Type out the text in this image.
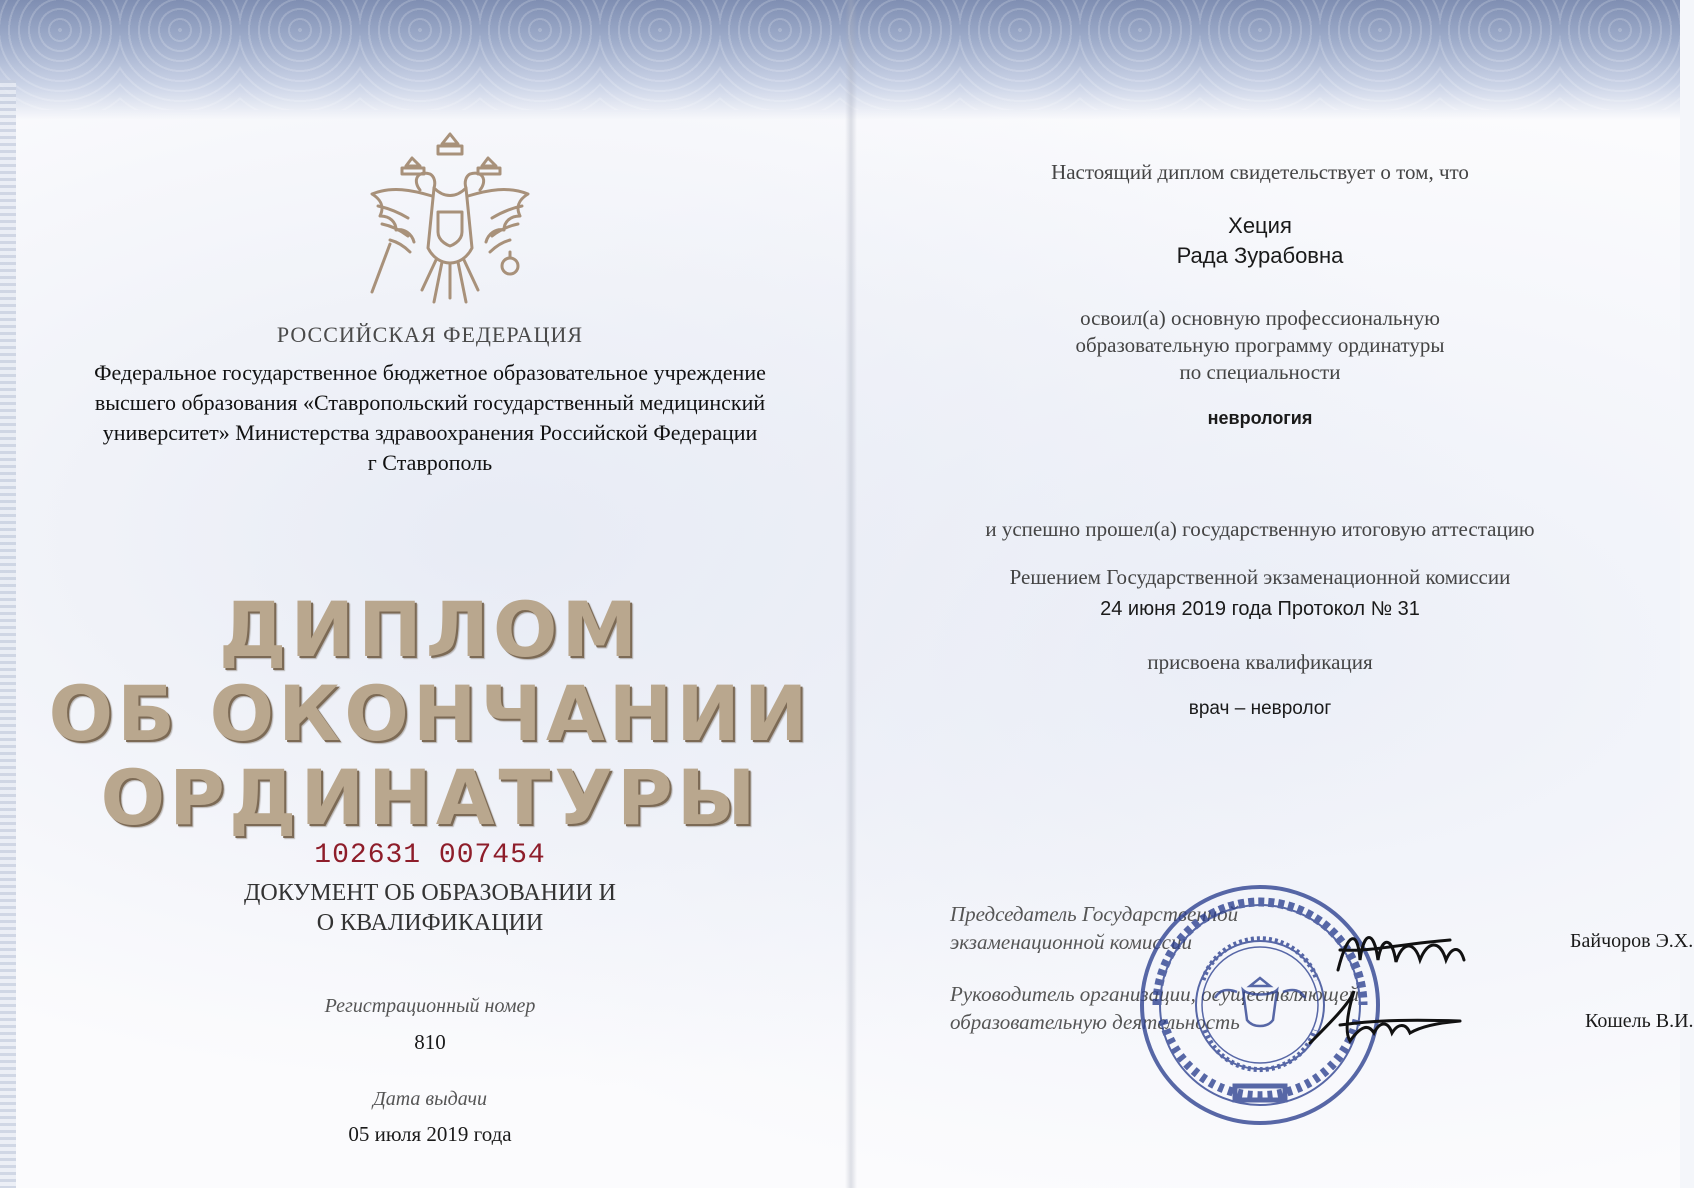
РОССИЙСКАЯ ФЕДЕРАЦИЯ
Федеральное государственное бюджетное образовательное учреждение
высшего образования «Ставропольский государственный медицинский
университет» Министерства здравоохранения Российской Федерации
г Ставрополь
ДИПЛОМ
ОБ ОКОНЧАНИИ
ОРДИНАТУРЫ
102631 007454
ДОКУМЕНТ ОБ ОБРАЗОВАНИИ И
О КВАЛИФИКАЦИИ
Регистрационный номер
810
Дата выдачи
05 июля 2019 года
Настоящий диплом свидетельствует о том, что
Хеция
Рада Зурабовна
освоил(а) основную профессиональную
образовательную программу ординатуры
по специальности
неврология
и успешно прошел(а) государственную итоговую аттестацию
Решением Государственной экзаменационной комиссии
24 июня 2019 года Протокол № 31
присвоена квалификация
врач – невролог
Председатель Государственной
экзаменационной комиссии	Байчоров Э.Х.
Руководитель организации, осуществляющей
образовательную деятельность	Кошель В.И.
